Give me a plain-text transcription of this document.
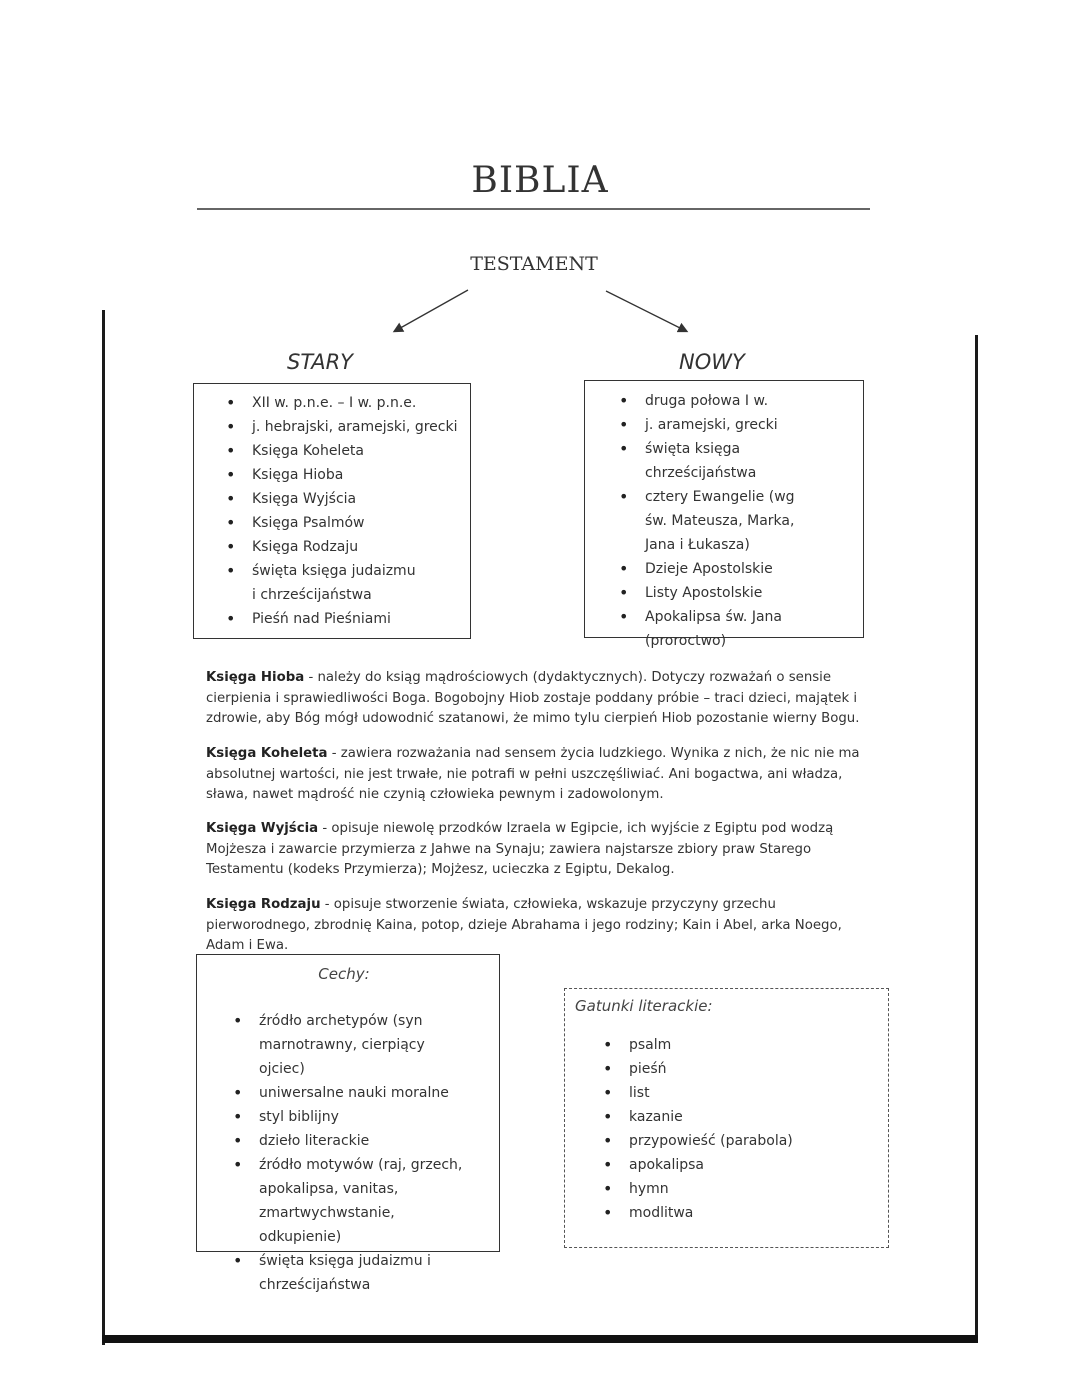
BIBLIA
TESTAMENT
STARY	NOWY
• XII w. p.n.e. – I w. p.n.e.
• j. hebrajski, aramejski, grecki
• Księga Koheleta
• Księga Hioba
• Księga Wyjścia
• Księga Psalmów
• Księga Rodzaju
• święta księga judaizmu i chrześcijaństwa
• Pieśń nad Pieśniami
• druga połowa I w.
• j. aramejski, grecki
• święta księga chrześcijaństwa
• cztery Ewangelie (wg św. Mateusza, Marka, Jana i Łukasza)
• Dzieje Apostolskie
• Listy Apostolskie
• Apokalipsa św. Jana (proroctwo)
Księga Hioba - należy do ksiąg mądrościowych (dydaktycznych). Dotyczy rozważań o sensie cierpienia i sprawiedliwości Boga. Bogobojny Hiob zostaje poddany próbie – traci dzieci, majątek i zdrowie, aby Bóg mógł udowodnić szatanowi, że mimo tylu cierpień Hiob pozostanie wierny Bogu.
Księga Koheleta - zawiera rozważania nad sensem życia ludzkiego. Wynika z nich, że nic nie ma absolutnej wartości, nie jest trwałe, nie potrafi w pełni uszczęśliwiać. Ani bogactwa, ani władza, sława, nawet mądrość nie czynią człowieka pewnym i zadowolonym.
Księga Wyjścia - opisuje niewolę przodków Izraela w Egipcie, ich wyjście z Egiptu pod wodzą Mojżesza i zawarcie przymierza z Jahwe na Synaju; zawiera najstarsze zbiory praw Starego Testamentu (kodeks Przymierza); Mojżesz, ucieczka z Egiptu, Dekalog.
Księga Rodzaju - opisuje stworzenie świata, człowieka, wskazuje przyczyny grzechu pierworodnego, zbrodnię Kaina, potop, dzieje Abrahama i jego rodziny; Kain i Abel, arka Noego, Adam i Ewa.
Cechy:
• źródło archetypów (syn marnotrawny, cierpiący ojciec)
• uniwersalne nauki moralne
• styl biblijny
• dzieło literackie
• źródło motywów (raj, grzech, apokalipsa, vanitas, zmartwychwstanie, odkupienie)
• święta księga judaizmu i chrześcijaństwa
Gatunki literackie:
• psalm
• pieśń
• list
• kazanie
• przypowieść (parabola)
• apokalipsa
• hymn
• modlitwa
